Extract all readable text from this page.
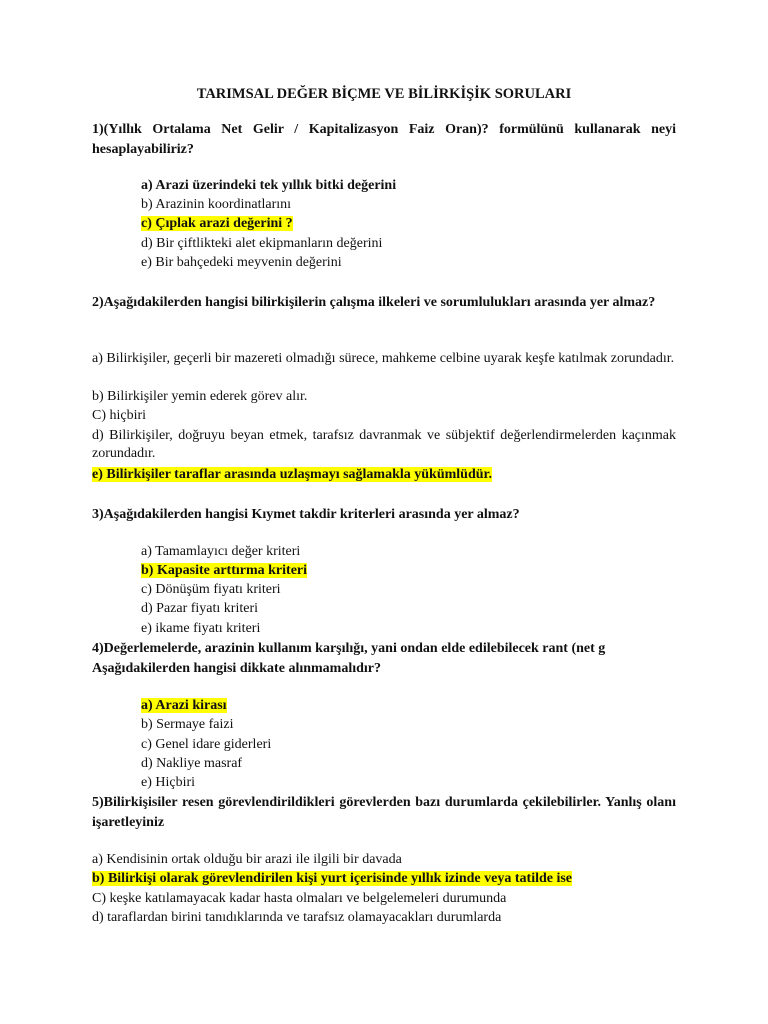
TARIMSAL DEĞER BİÇME VE BİLİRKİŞİK SORULARI
1)(Yıllık Ortalama Net Gelir / Kapitalizasyon Faiz Oran)? formülünü kullanarak neyi hesaplayabiliriz?
a) Arazi üzerindeki tek yıllık bitki değerini
b) Arazinin koordinatlarını
c) Çıplak arazi değerini ?
d) Bir çiftlikteki alet ekipmanların değerini
e) Bir bahçedeki meyvenin değerini
2)Aşağıdakilerden hangisi bilirkişilerin çalışma ilkeleri ve sorumlulukları arasında yer almaz?
a) Bilirkişiler, geçerli bir mazereti olmadığı sürece, mahkeme celbine uyarak keşfe katılmak zorundadır.
b) Bilirkişiler yemin ederek görev alır.
C) hiçbiri
d) Bilirkişiler, doğruyu beyan etmek, tarafsız davranmak ve sübjektif değerlendirmelerden kaçınmak zorundadır.
e) Bilirkişiler taraflar arasında uzlaşmayı sağlamakla yükümlüdür.
3)Aşağıdakilerden hangisi Kıymet takdir kriterleri arasında yer almaz?
a) Tamamlayıcı değer kriteri
b) Kapasite arttırma kriteri
c) Dönüşüm fiyatı kriteri
d) Pazar fiyatı kriteri
e) ikame fiyatı kriteri
4)Değerlemelerde, arazinin kullanım karşılığı, yani ondan elde edilebilecek rant (net g
Aşağıdakilerden hangisi dikkate alınmamalıdır?
a) Arazi kirası
b) Sermaye faizi
c) Genel idare giderleri
d) Nakliye masraf
e) Hiçbiri
5)Bilirkişisiler resen görevlendirildikleri görevlerden bazı durumlarda çekilebilirler. Yanlış olanı işaretleyiniz
a) Kendisinin ortak olduğu bir arazi ile ilgili bir davada
b) Bilirkişi olarak görevlendirilen kişi yurt içerisinde yıllık izinde veya tatilde ise
C) keşke katılamayacak kadar hasta olmaları ve belgelemeleri durumunda
d) taraflardan birini tanıdıklarında ve tarafsız olamayacakları durumlarda
